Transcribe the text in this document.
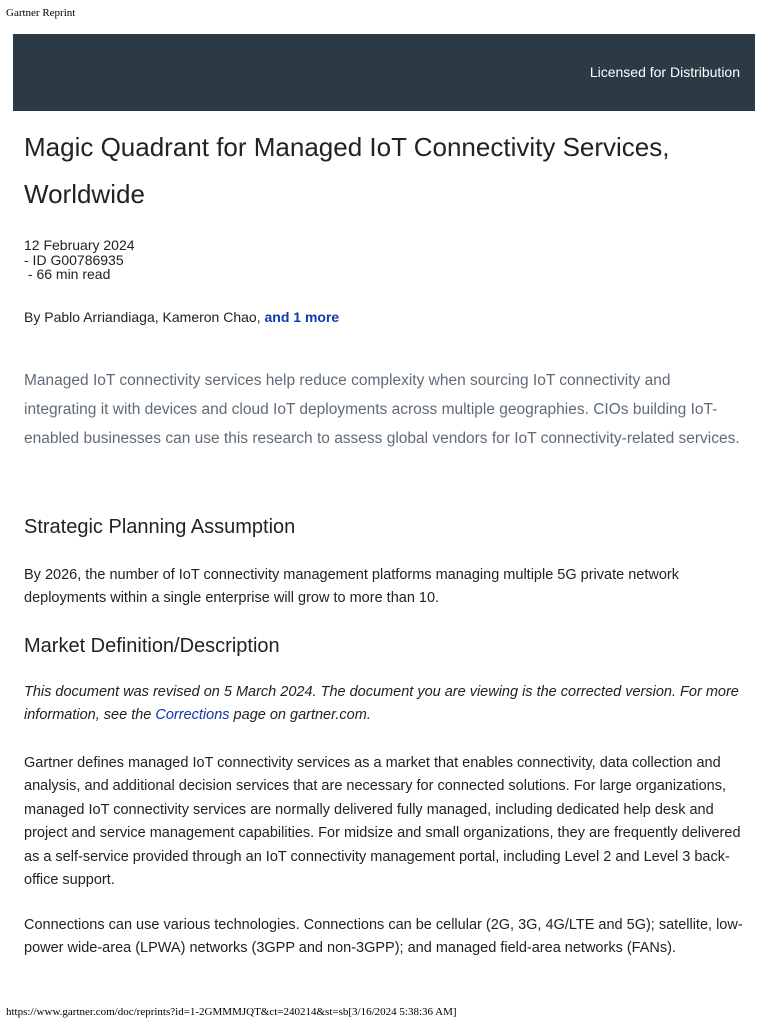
Gartner Reprint
Licensed for Distribution
Magic Quadrant for Managed IoT Connectivity Services, Worldwide
12 February 2024
- ID G00786935
- 66 min read
By Pablo Arriandiaga, Kameron Chao, and 1 more

Managed IoT connectivity services help reduce complexity when sourcing IoT connectivity and integrating it with devices and cloud IoT deployments across multiple geographies. CIOs building IoT-enabled businesses can use this research to assess global vendors for IoT connectivity-related services.

Strategic Planning Assumption

By 2026, the number of IoT connectivity management platforms managing multiple 5G private network deployments within a single enterprise will grow to more than 10.

Market Definition/Description

This document was revised on 5 March 2024. The document you are viewing is the corrected version. For more information, see the Corrections page on gartner.com.

Gartner defines managed IoT connectivity services as a market that enables connectivity, data collection and analysis, and additional decision services that are necessary for connected solutions. For large organizations, managed IoT connectivity services are normally delivered fully managed, including dedicated help desk and project and service management capabilities. For midsize and small organizations, they are frequently delivered as a self-service provided through an IoT connectivity management portal, including Level 2 and Level 3 back-office support.

Connections can use various technologies. Connections can be cellular (2G, 3G, 4G/LTE and 5G); satellite, low-power wide-area (LPWA) networks (3GPP and non-3GPP); and managed field-area networks (FANs).

https://www.gartner.com/doc/reprints?id=1-2GMMMJQT&ct=240214&st=sb[3/16/2024 5:38:36 AM]
